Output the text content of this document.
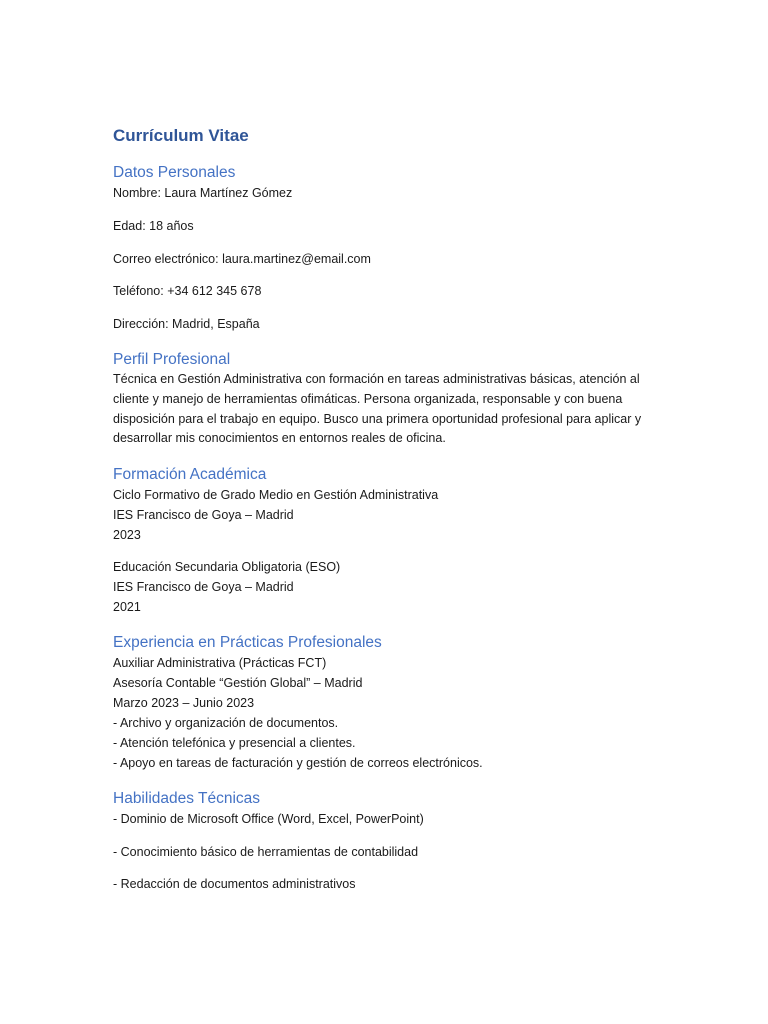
Currículum Vitae
Datos Personales

Nombre: Laura Martínez Gómez

Edad: 18 años

Correo electrónico: laura.martinez@email.com

Teléfono: +34 612 345 678

Dirección: Madrid, España

Perfil Profesional

Técnica en Gestión Administrativa con formación en tareas administrativas básicas, atención al

cliente y manejo de herramientas ofimáticas. Persona organizada, responsable y con buena

disposición para el trabajo en equipo. Busco una primera oportunidad profesional para aplicar y

desarrollar mis conocimientos en entornos reales de oficina.

Formación Académica

Ciclo Formativo de Grado Medio en Gestión Administrativa

IES Francisco de Goya – Madrid

2023

Educación Secundaria Obligatoria (ESO)

IES Francisco de Goya – Madrid

2021

Experiencia en Prácticas Profesionales

Auxiliar Administrativa (Prácticas FCT)

Asesoría Contable “Gestión Global” – Madrid

Marzo 2023 – Junio 2023

- Archivo y organización de documentos.

- Atención telefónica y presencial a clientes.

- Apoyo en tareas de facturación y gestión de correos electrónicos.

Habilidades Técnicas

- Dominio de Microsoft Office (Word, Excel, PowerPoint)

- Conocimiento básico de herramientas de contabilidad

- Redacción de documentos administrativos
